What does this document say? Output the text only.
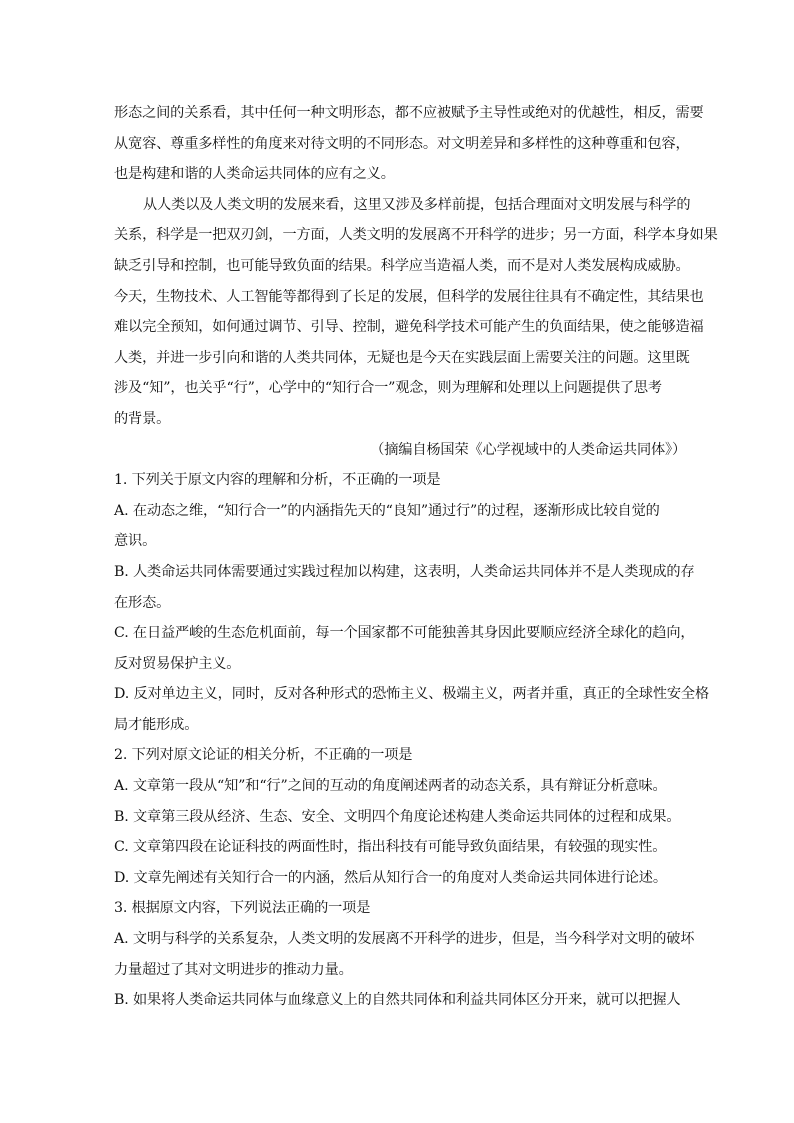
形态之间的关系看，其中任何一种文明形态，都不应被赋予主导性或绝对的优越性，相反，需要
从宽容、尊重多样性的角度来对待文明的不同形态。对文明差异和多样性的这种尊重和包容，
也是构建和谐的人类命运共同体的应有之义。
从人类以及人类文明的发展来看，这里又涉及多样前提，包括合理面对文明发展与科学的
关系，科学是一把双刃剑，一方面，人类文明的发展离不开科学的进步；另一方面，科学本身如果
缺乏引导和控制，也可能导致负面的结果。科学应当造福人类，而不是对人类发展构成威胁。
今天，生物技术、人工智能等都得到了长足的发展，但科学的发展往往具有不确定性，其结果也
难以完全预知，如何通过调节、引导、控制，避免科学技术可能产生的负面结果，使之能够造福
人类，并进一步引向和谐的人类共同体，无疑也是今天在实践层面上需要关注的问题。这里既
涉及“知”，也关乎“行”，心学中的“知行合一”观念，则为理解和处理以上问题提供了思考
的背景。
（摘编自杨国荣《心学视域中的人类命运共同体》）
1. 下列关于原文内容的理解和分析，不正确的一项是
A. 在动态之维，“知行合一”的内涵指先天的“良知”通过行”的过程，逐渐形成比较自觉的
意识。
B. 人类命运共同体需要通过实践过程加以构建，这表明，人类命运共同体并不是人类现成的存
在形态。
C. 在日益严峻的生态危机面前，每一个国家都不可能独善其身因此要顺应经济全球化的趋向，
反对贸易保护主义。
D. 反对单边主义，同时，反对各种形式的恐怖主义、极端主义，两者并重，真正的全球性安全格
局才能形成。
2. 下列对原文论证的相关分析，不正确的一项是
A. 文章第一段从“知”和“行”之间的互动的角度阐述两者的动态关系，具有辩证分析意味。
B. 文章第三段从经济、生态、安全、文明四个角度论述构建人类命运共同体的过程和成果。
C. 文章第四段在论证科技的两面性时，指出科技有可能导致负面结果，有较强的现实性。
D. 文章先阐述有关知行合一的内涵，然后从知行合一的角度对人类命运共同体进行论述。
3. 根据原文内容，下列说法正确的一项是
A. 文明与科学的关系复杂，人类文明的发展离不开科学的进步，但是，当今科学对文明的破坏
力量超过了其对文明进步的推动力量。
B. 如果将人类命运共同体与血缘意义上的自然共同体和利益共同体区分开来，就可以把握人
